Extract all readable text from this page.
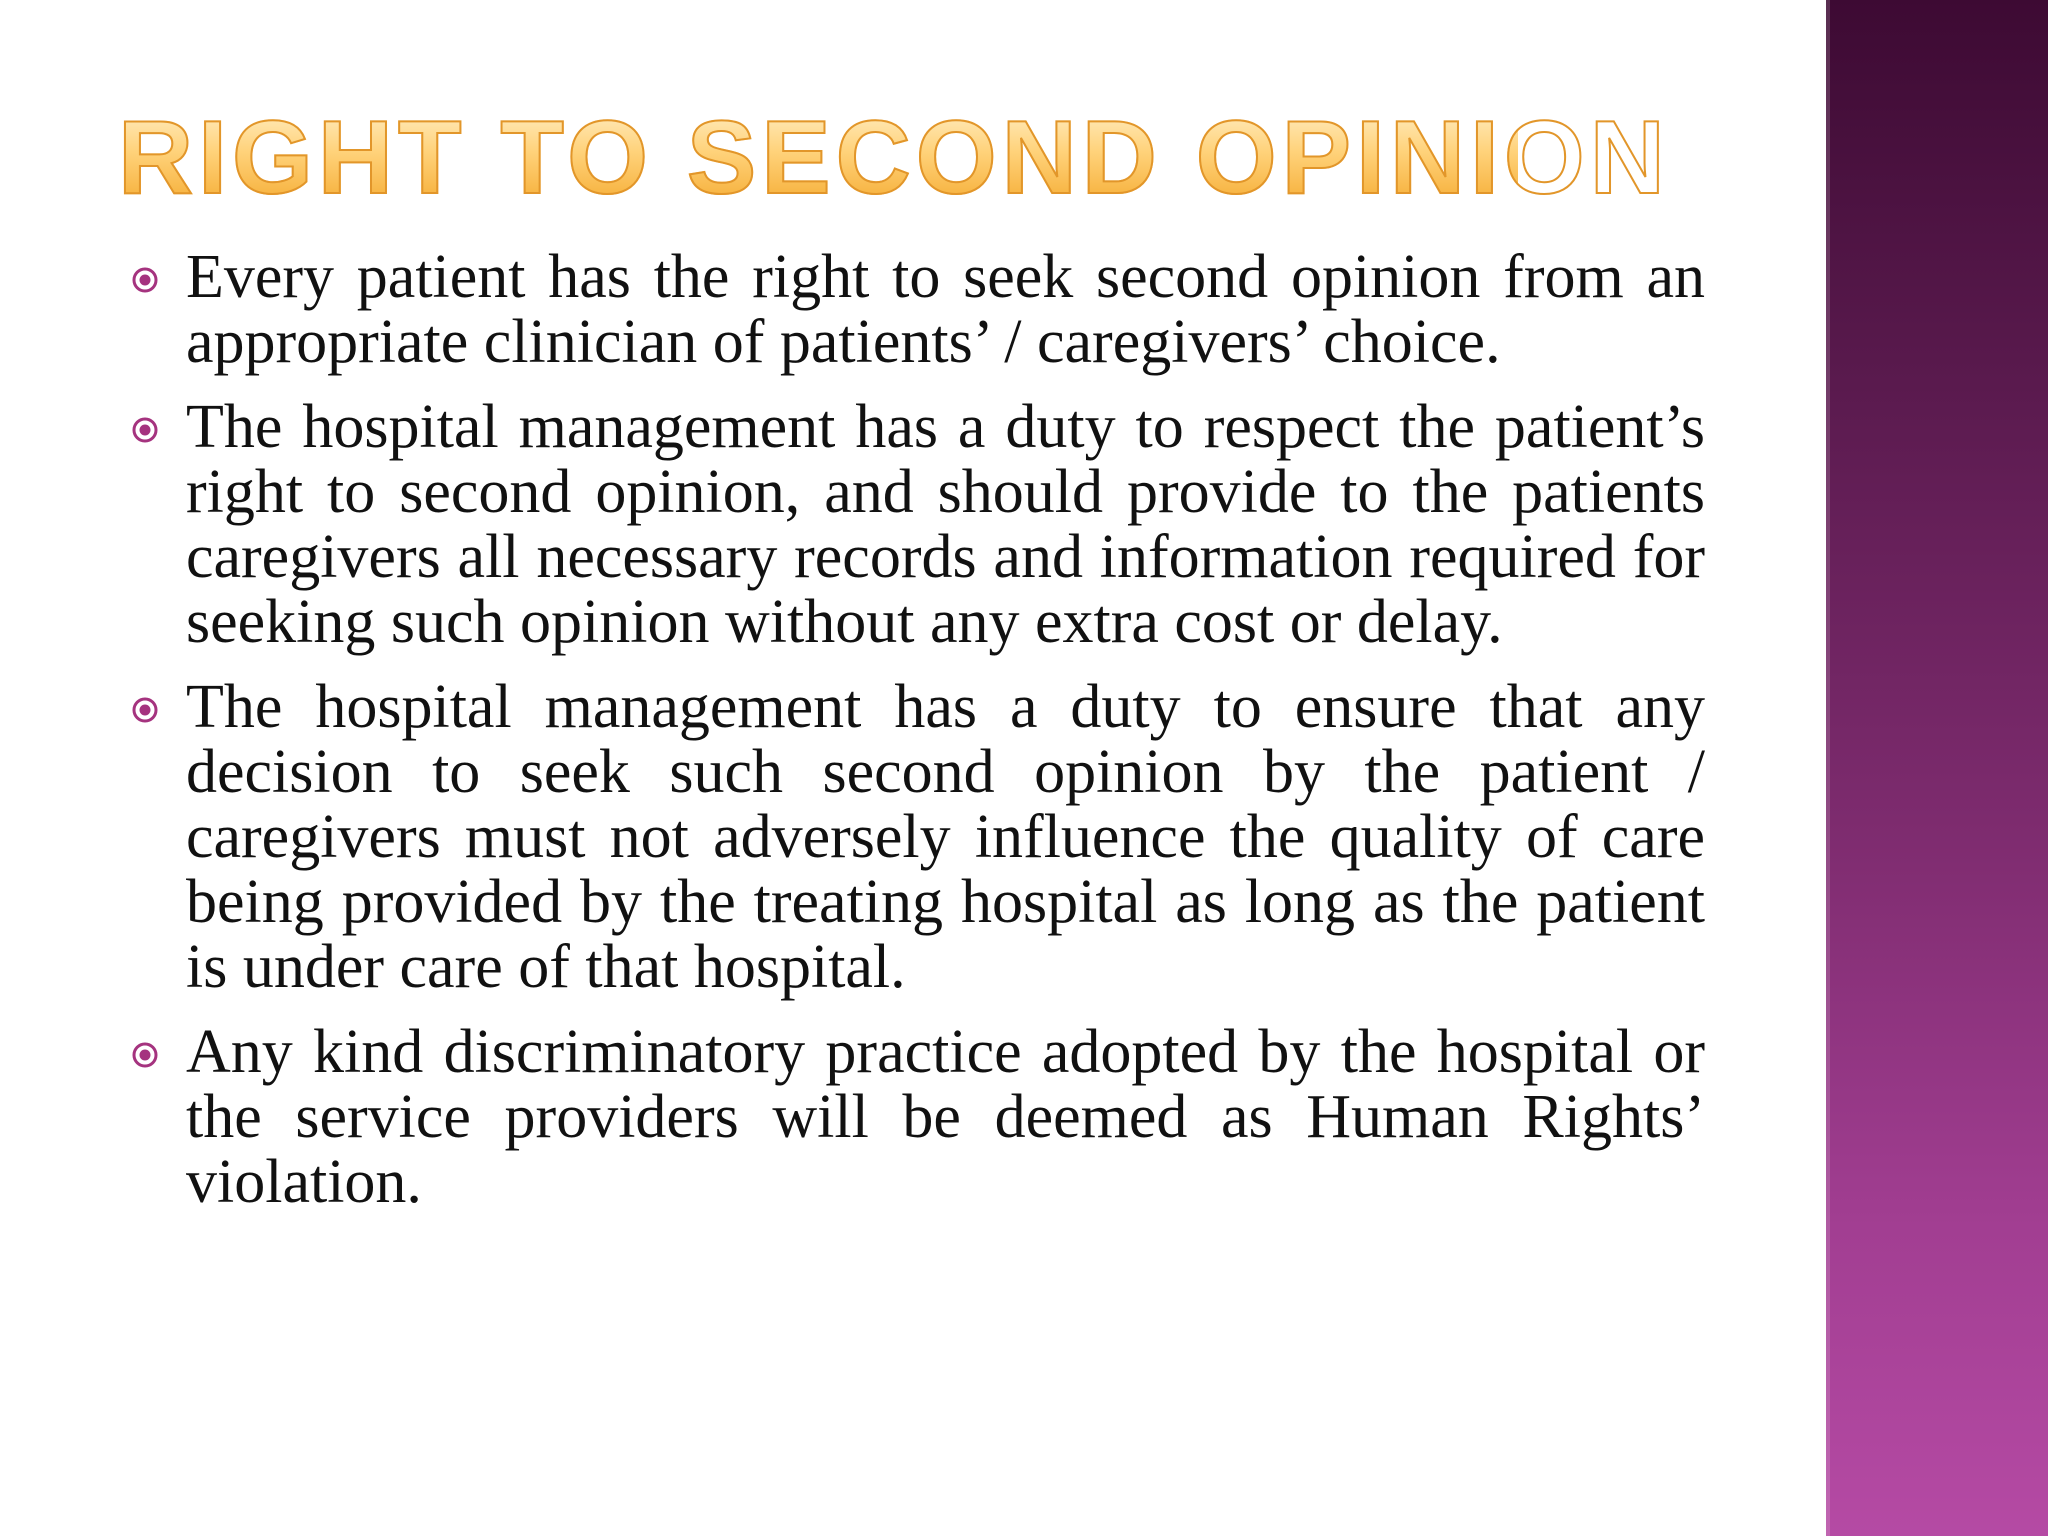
RIGHT TO SECOND OPINION
Every patient has the right to seek second opinion from an appropriate clinician of patients’ / caregivers’ choice.
The hospital management has a duty to respect the patient’s right to second opinion, and should provide to the patients caregivers all necessary records and information required for seeking such opinion without any extra cost or delay.
The hospital management has a duty to ensure that any decision to seek such second opinion by the patient / caregivers must not adversely influence the quality of care being provided by the treating hospital as long as the patient is under care of that hospital.
Any kind discriminatory practice adopted by the hospital or the service providers will be deemed as Human Rights’ violation.
